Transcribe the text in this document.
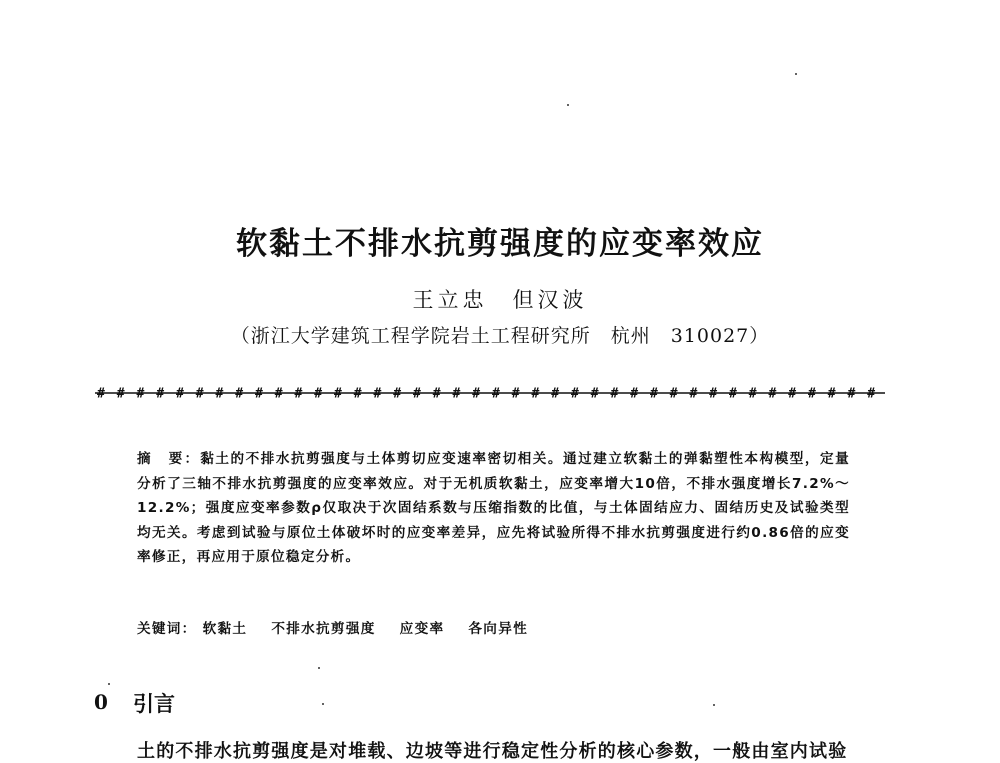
软黏土不排水抗剪强度的应变率效应
王立忠　但汉波
（浙江大学建筑工程学院岩土工程研究所　杭州　310027）
# # # # # # # # # # # # # # # # # # # # # # # # # # # # # # # # # # # # # # # #
摘　要：黏土的不排水抗剪强度与土体剪切应变速率密切相关。通过建立软黏土的弹黏塑性本构模型，定量分析了三轴不排水抗剪强度的应变率效应。对于无机质软黏土，应变率增大10倍，不排水强度增长7.2%～12.2%；强度应变率参数ρ仅取决于次固结系数与压缩指数的比值，与土体固结应力、固结历史及试验类型均无关。考虑到试验与原位土体破坏时的应变率差异，应先将试验所得不排水抗剪强度进行约0.86倍的应变率修正，再应用于原位稳定分析。
关键词： 软黏土 不排水抗剪强度 应变率 各向异性
0 引言
土的不排水抗剪强度是对堆载、边坡等进行稳定性分析的核心参数，一般由室内试验
